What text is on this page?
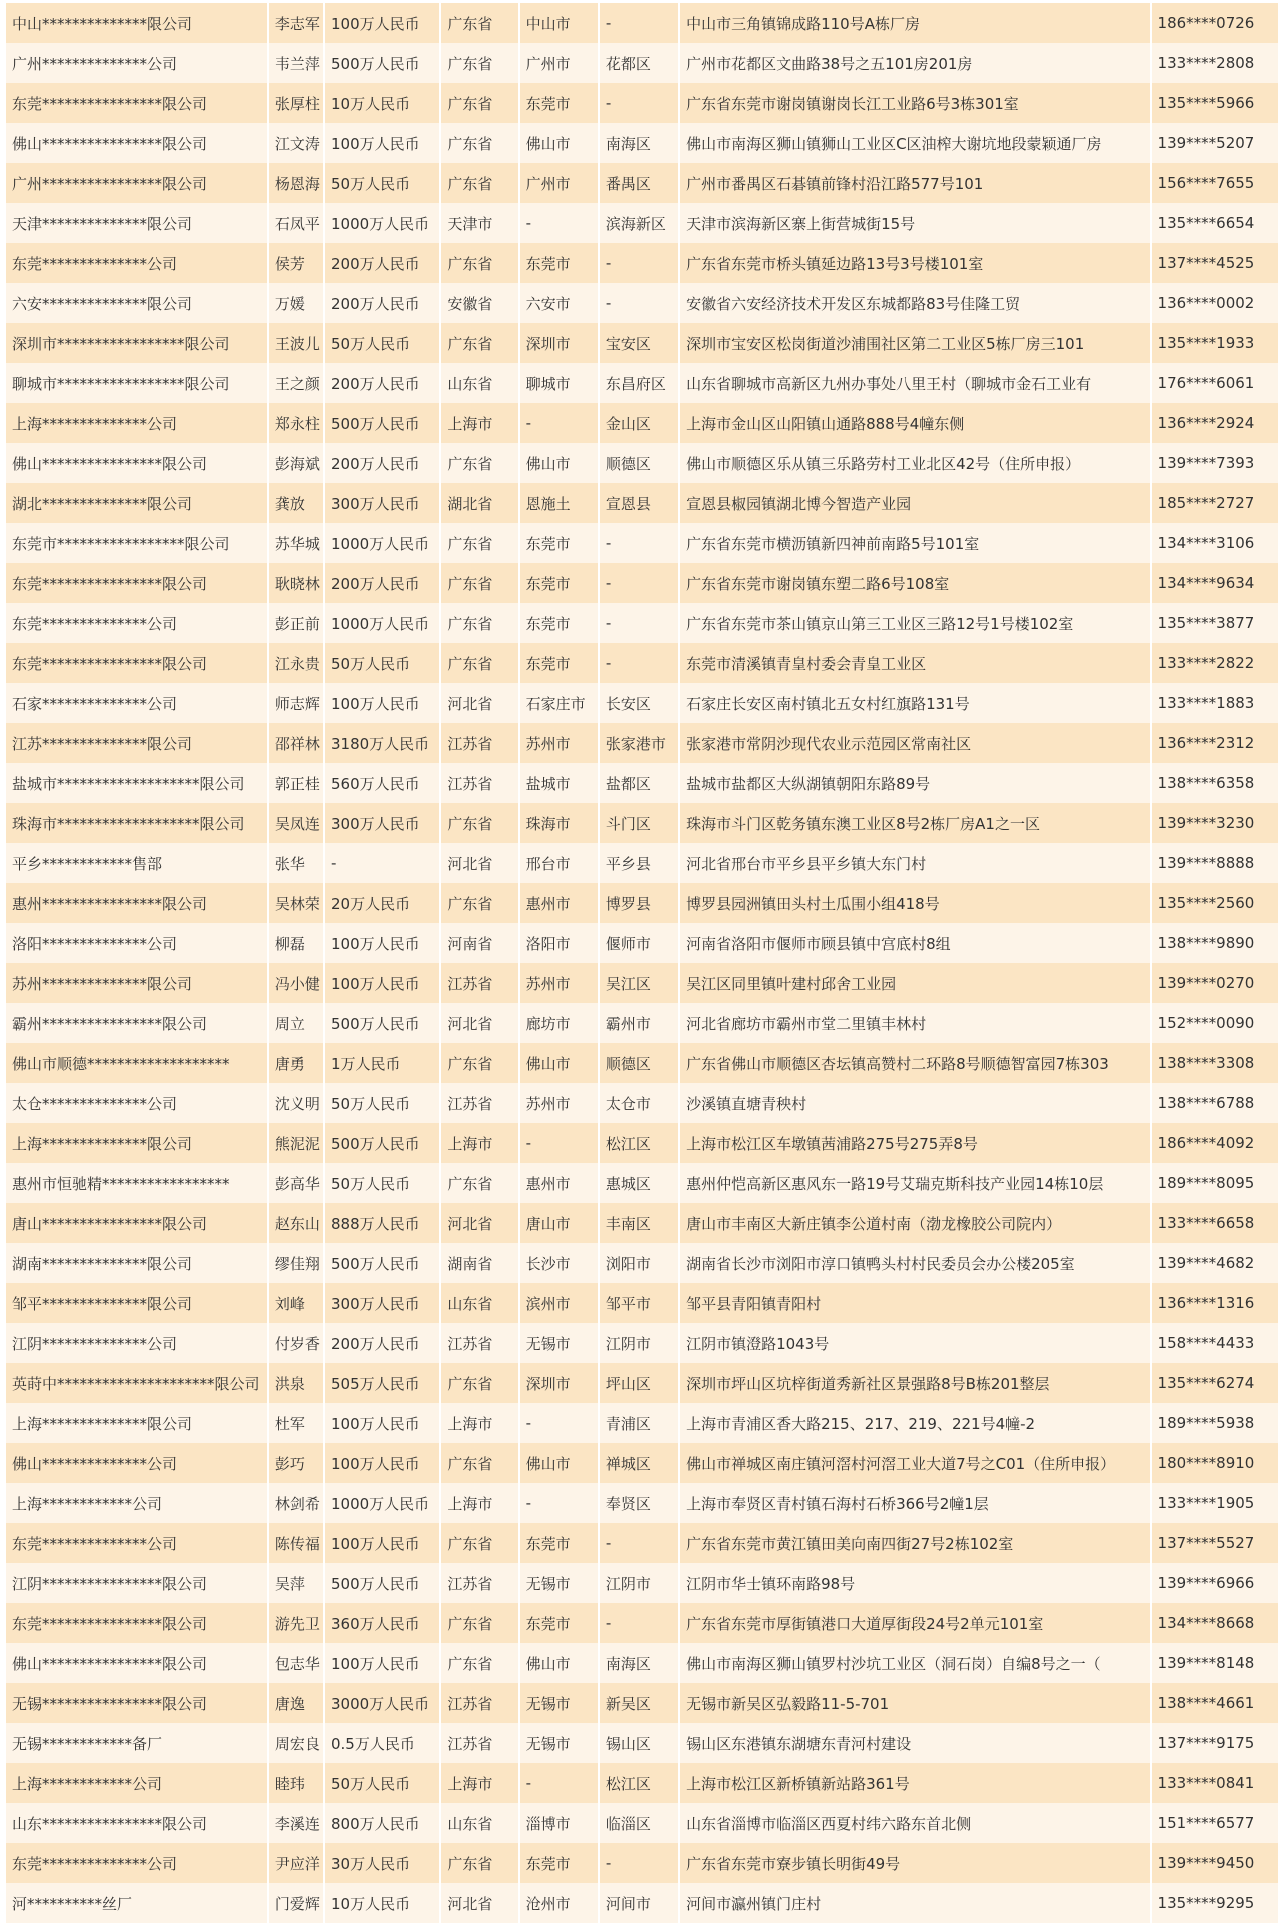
中山**************限公司	李志军	100万人民币	广东省	中山市	-	中山市三角镇锦成路110号A栋厂房	186****0726
广州**************公司	韦兰萍	500万人民币	广东省	广州市	花都区	广州市花都区文曲路38号之五101房201房	133****2808
东莞****************限公司	张厚柱	10万人民币	广东省	东莞市	-	广东省东莞市谢岗镇谢岗长江工业路6号3栋301室	135****5966
佛山****************限公司	江文涛	100万人民币	广东省	佛山市	南海区	佛山市南海区狮山镇狮山工业区C区油榨大谢坑地段蒙颖通厂房	139****5207
广州****************限公司	杨恩海	50万人民币	广东省	广州市	番禺区	广州市番禺区石碁镇前锋村沿江路577号101	156****7655
天津**************限公司	石凤平	1000万人民币	天津市	-	滨海新区	天津市滨海新区寨上街营城街15号	135****6654
东莞**************公司	侯芳	200万人民币	广东省	东莞市	-	广东省东莞市桥头镇延边路13号3号楼101室	137****4525
六安**************限公司	万媛	200万人民币	安徽省	六安市	-	安徽省六安经济技术开发区东城都路83号佳隆工贸	136****0002
深圳市*****************限公司	王波儿	50万人民币	广东省	深圳市	宝安区	深圳市宝安区松岗街道沙浦围社区第二工业区5栋厂房三101	135****1933
聊城市*****************限公司	王之颜	200万人民币	山东省	聊城市	东昌府区	山东省聊城市高新区九州办事处八里王村（聊城市金石工业有	176****6061
上海**************公司	郑永柱	500万人民币	上海市	-	金山区	上海市金山区山阳镇山通路888号4幢东侧	136****2924
佛山****************限公司	彭海斌	200万人民币	广东省	佛山市	顺德区	佛山市顺德区乐从镇三乐路劳村工业北区42号（住所申报）	139****7393
湖北**************限公司	龚放	300万人民币	湖北省	恩施土	宣恩县	宣恩县椒园镇湖北博今智造产业园	185****2727
东莞市*****************限公司	苏华城	1000万人民币	广东省	东莞市	-	广东省东莞市横沥镇新四神前南路5号101室	134****3106
东莞****************限公司	耿晓林	200万人民币	广东省	东莞市	-	广东省东莞市谢岗镇东塑二路6号108室	134****9634
东莞**************公司	彭正前	1000万人民币	广东省	东莞市	-	广东省东莞市茶山镇京山第三工业区三路12号1号楼102室	135****3877
东莞****************限公司	江永贵	50万人民币	广东省	东莞市	-	东莞市清溪镇青皇村委会青皇工业区	133****2822
石家**************公司	师志辉	100万人民币	河北省	石家庄市	长安区	石家庄长安区南村镇北五女村红旗路131号	133****1883
江苏**************限公司	邵祥林	3180万人民币	江苏省	苏州市	张家港市	张家港市常阴沙现代农业示范园区常南社区	136****2312
盐城市*******************限公司	郭正桂	560万人民币	江苏省	盐城市	盐都区	盐城市盐都区大纵湖镇朝阳东路89号	138****6358
珠海市*******************限公司	吴凤连	300万人民币	广东省	珠海市	斗门区	珠海市斗门区乾务镇东澳工业区8号2栋厂房A1之一区	139****3230
平乡************售部	张华	-	河北省	邢台市	平乡县	河北省邢台市平乡县平乡镇大东门村	139****8888
惠州****************限公司	吴林荣	20万人民币	广东省	惠州市	博罗县	博罗县园洲镇田头村土瓜围小组418号	135****2560
洛阳**************公司	柳磊	100万人民币	河南省	洛阳市	偃师市	河南省洛阳市偃师市顾县镇中宫底村8组	138****9890
苏州**************限公司	冯小健	100万人民币	江苏省	苏州市	吴江区	吴江区同里镇叶建村邱舍工业园	139****0270
霸州****************限公司	周立	500万人民币	河北省	廊坊市	霸州市	河北省廊坊市霸州市堂二里镇丰林村	152****0090
佛山市顺德*******************	唐勇	1万人民币	广东省	佛山市	顺德区	广东省佛山市顺德区杏坛镇高赞村二环路8号顺德智富园7栋303	138****3308
太仓**************公司	沈义明	50万人民币	江苏省	苏州市	太仓市	沙溪镇直塘青秧村	138****6788
上海**************限公司	熊泥泥	500万人民币	上海市	-	松江区	上海市松江区车墩镇茜浦路275号275弄8号	186****4092
惠州市恒驰精*****************	彭高华	50万人民币	广东省	惠州市	惠城区	惠州仲恺高新区惠风东一路19号艾瑞克斯科技产业园14栋10层	189****8095
唐山****************限公司	赵东山	888万人民币	河北省	唐山市	丰南区	唐山市丰南区大新庄镇李公道村南（渤龙橡胶公司院内）	133****6658
湖南**************限公司	缪佳翔	500万人民币	湖南省	长沙市	浏阳市	湖南省长沙市浏阳市淳口镇鸭头村村民委员会办公楼205室	139****4682
邹平**************限公司	刘峰	300万人民币	山东省	滨州市	邹平市	邹平县青阳镇青阳村	136****1316
江阴**************公司	付岁香	200万人民币	江苏省	无锡市	江阴市	江阴市镇澄路1043号	158****4433
英莳中*********************限公司	洪泉	505万人民币	广东省	深圳市	坪山区	深圳市坪山区坑梓街道秀新社区景强路8号B栋201整层	135****6274
上海**************限公司	杜军	100万人民币	上海市	-	青浦区	上海市青浦区香大路215、217、219、221号4幢-2	189****5938
佛山**************公司	彭巧	100万人民币	广东省	佛山市	禅城区	佛山市禅城区南庄镇河滘村河滘工业大道7号之C01（住所申报）	180****8910
上海************公司	林剑希	1000万人民币	上海市	-	奉贤区	上海市奉贤区青村镇石海村石桥366号2幢1层	133****1905
东莞**************公司	陈传福	100万人民币	广东省	东莞市	-	广东省东莞市黄江镇田美向南四街27号2栋102室	137****5527
江阴****************限公司	吴萍	500万人民币	江苏省	无锡市	江阴市	江阴市华士镇环南路98号	139****6966
东莞****************限公司	游先卫	360万人民币	广东省	东莞市	-	广东省东莞市厚街镇港口大道厚街段24号2单元101室	134****8668
佛山****************限公司	包志华	100万人民币	广东省	佛山市	南海区	佛山市南海区狮山镇罗村沙坑工业区（洞石岗）自编8号之一（	139****8148
无锡****************限公司	唐逸	3000万人民币	江苏省	无锡市	新吴区	无锡市新吴区弘毅路11-5-701	138****4661
无锡************备厂	周宏良	0.5万人民币	江苏省	无锡市	锡山区	锡山区东港镇东湖塘东青河村建设	137****9175
上海************公司	睦玮	50万人民币	上海市	-	松江区	上海市松江区新桥镇新站路361号	133****0841
山东****************限公司	李溪连	800万人民币	山东省	淄博市	临淄区	山东省淄博市临淄区西夏村纬六路东首北侧	151****6577
东莞**************公司	尹应洋	30万人民币	广东省	东莞市	-	广东省东莞市寮步镇长明街49号	139****9450
河**********丝厂	门爱辉	10万人民币	河北省	沧州市	河间市	河间市瀛州镇门庄村	135****9295
